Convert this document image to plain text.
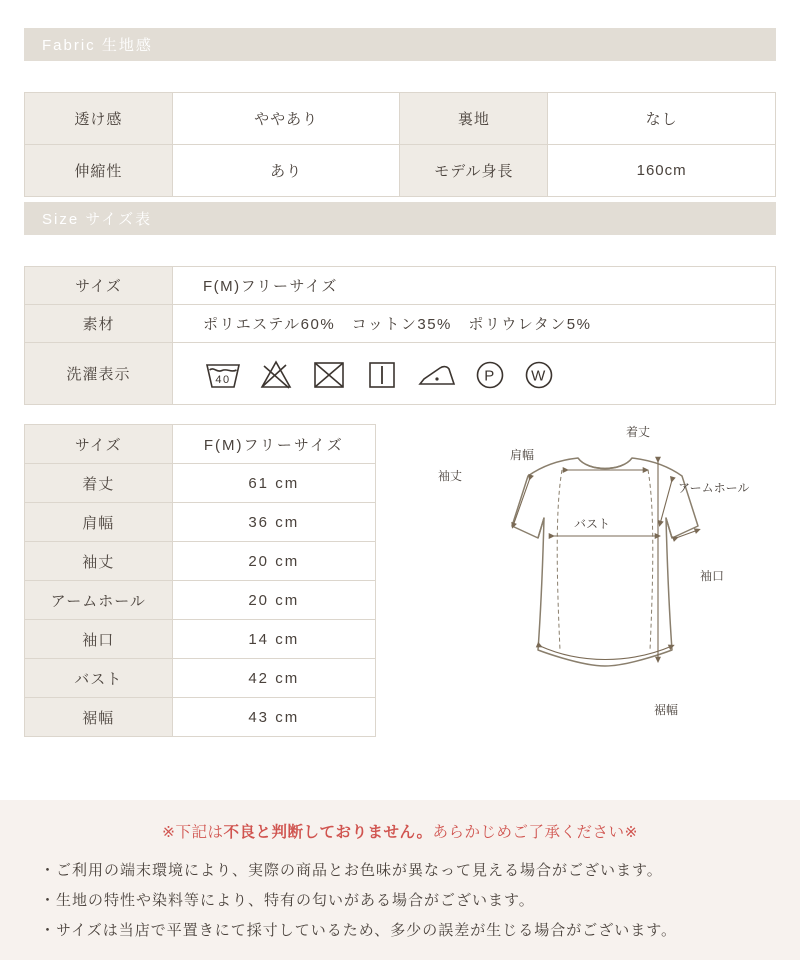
Fabric 生地感
透け感	ややあり	裏地	なし
伸縮性	あり	モデル身長	160cm
Size サイズ表
サイズ	F(M)フリーサイズ
素材	ポリエステル60%　コットン35%　ポリウレタン5%
洗濯表示	40 P W
サイズ	F(M)フリーサイズ
着丈	61 cm
肩幅	36 cm
袖丈	20 cm
アームホール	20 cm
袖口	14 cm
バスト	42 cm
裾幅	43 cm
肩幅
着丈
袖丈
アームホール
バスト
袖口
裾幅
※下記は不良と判断しておりません。あらかじめご了承ください※
・ご利用の端末環境により、実際の商品とお色味が異なって見える場合がございます。
・生地の特性や染料等により、特有の匂いがある場合がございます。
・サイズは当店で平置きにて採寸しているため、多少の誤差が生じる場合がございます。
